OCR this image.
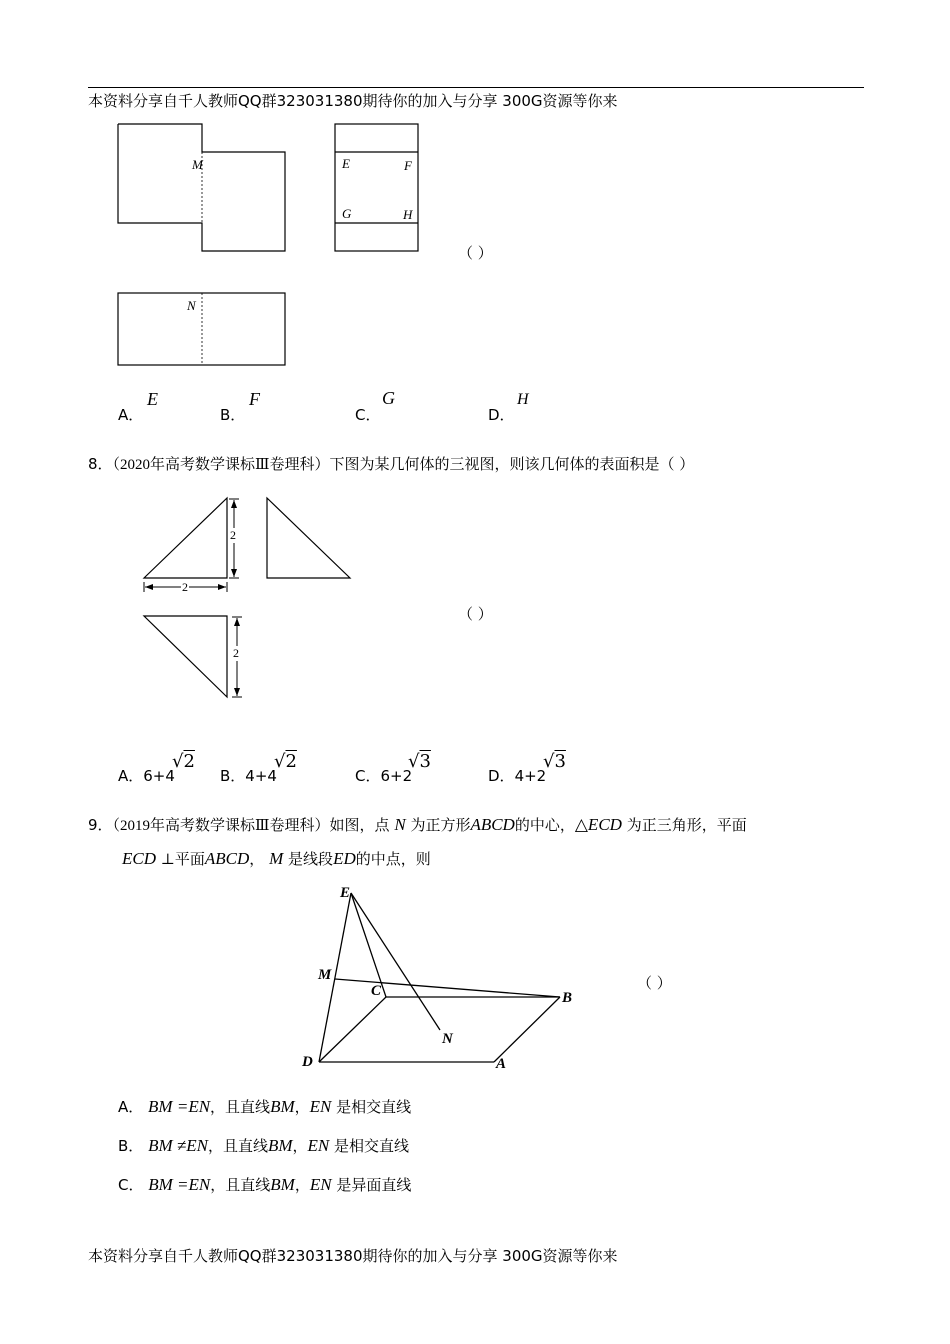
本资料分享自千人教师QQ群323031380期待你的加入与分享 300G资源等你来
M	E	F
G	H
N
（ ）
A．
E
B．
F
C．
G
D．
H
8．（2020年高考数学课标Ⅲ卷理科）下图为某几何体的三视图，则该几何体的表面积是（ ）
2
2
2
（ ）
A．6+4
√2
B．4+4
√2
C．6+2
√3
D．4+2
√3
9．（2019年高考数学课标Ⅲ卷理科）如图，点 N 为正方形ABCD的中心，△ECD 为正三角形，平面
ECD ⊥平面ABCD， M 是线段ED的中点，则
E
M
C	B
N
D	A
（ ）
A． BM =EN，且直线BM，EN 是相交直线
B． BM ≠EN，且直线BM，EN 是相交直线
C． BM =EN，且直线BM，EN 是异面直线
本资料分享自千人教师QQ群323031380期待你的加入与分享 300G资源等你来
